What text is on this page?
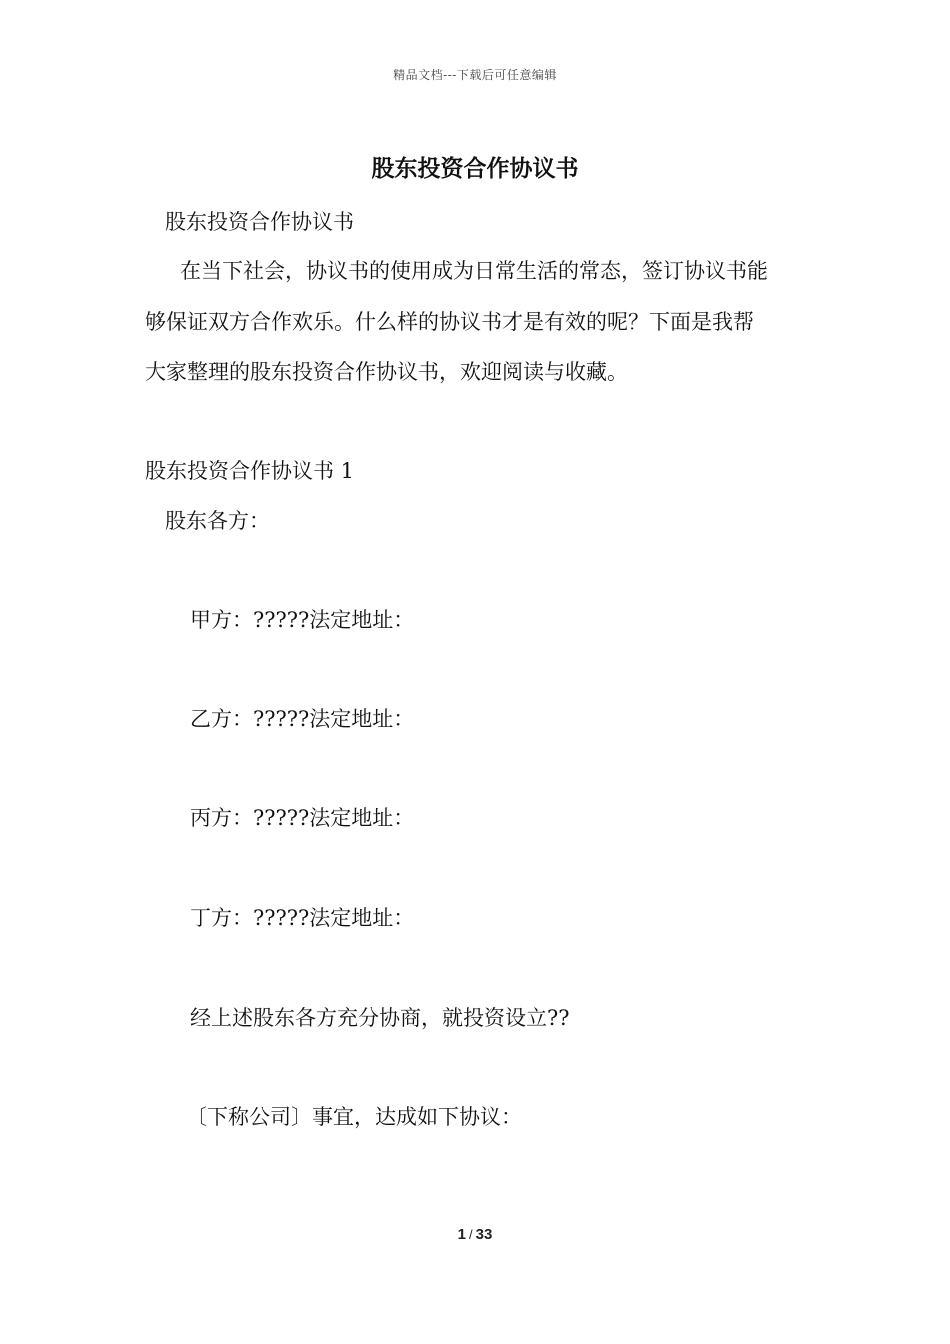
精品文档---下载后可任意编辑
股东投资合作协议书
股东投资合作协议书
在当下社会，协议书的使用成为日常生活的常态，签订协议书能
够保证双方合作欢乐。什么样的协议书才是有效的呢？下面是我帮
大家整理的股东投资合作协议书，欢迎阅读与收藏。
股东投资合作协议书 1
股东各方：
甲方：?????法定地址：
乙方：?????法定地址：
丙方：?????法定地址：
丁方：?????法定地址：
经上述股东各方充分协商，就投资设立??
〔下称公司〕事宜，达成如下协议：
1 / 33
